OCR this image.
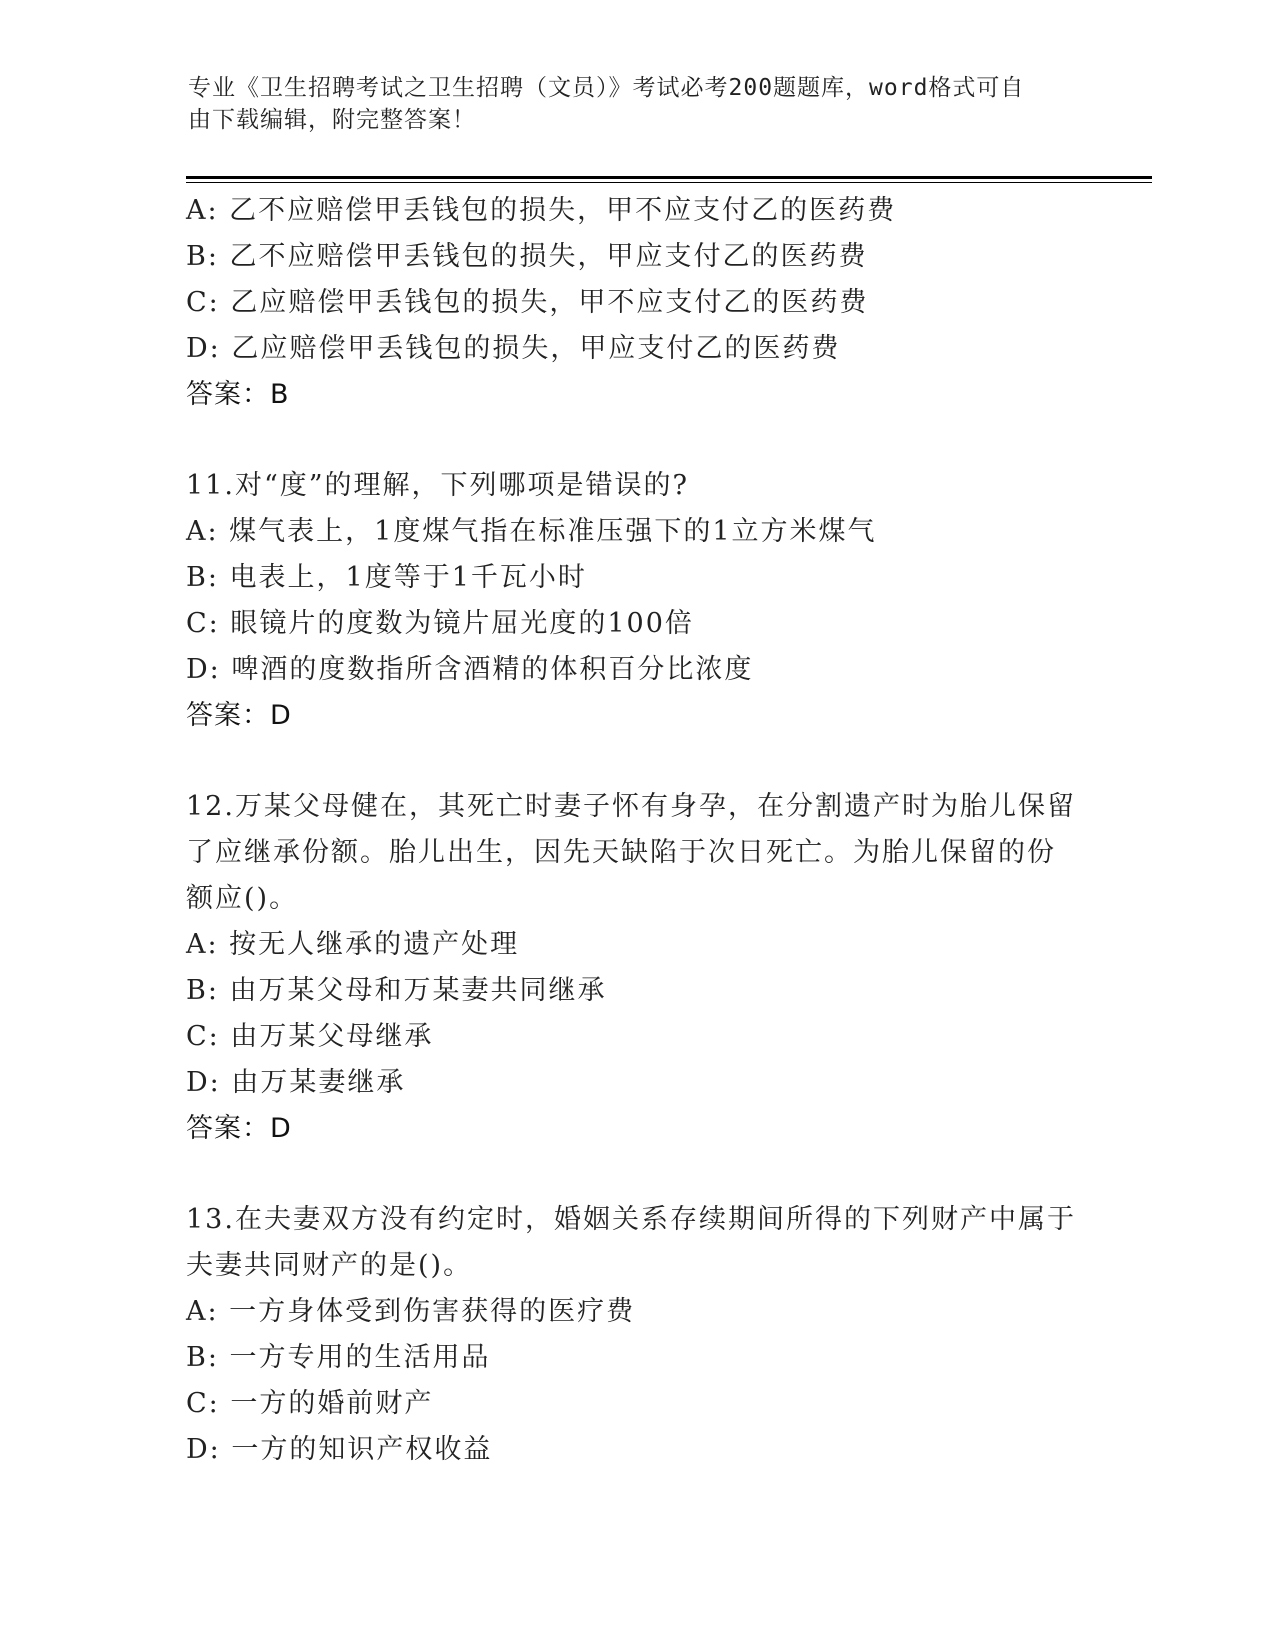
专业《卫生招聘考试之卫生招聘（文员）》考试必考200题题库，word格式可自
由下载编辑，附完整答案！
A: 乙不应赔偿甲丢钱包的损失，甲不应支付乙的医药费
B: 乙不应赔偿甲丢钱包的损失，甲应支付乙的医药费
C: 乙应赔偿甲丢钱包的损失，甲不应支付乙的医药费
D: 乙应赔偿甲丢钱包的损失，甲应支付乙的医药费
答案：B
11.对“度”的理解，下列哪项是错误的?
A: 煤气表上，1度煤气指在标准压强下的1立方米煤气
B: 电表上，1度等于1千瓦小时
C: 眼镜片的度数为镜片屈光度的100倍
D: 啤酒的度数指所含酒精的体积百分比浓度
答案：D
12.万某父母健在，其死亡时妻子怀有身孕，在分割遗产时为胎儿保留
了应继承份额。胎儿出生，因先天缺陷于次日死亡。为胎儿保留的份
额应()。
A: 按无人继承的遗产处理
B: 由万某父母和万某妻共同继承
C: 由万某父母继承
D: 由万某妻继承
答案：D
13.在夫妻双方没有约定时，婚姻关系存续期间所得的下列财产中属于
夫妻共同财产的是()。
A: 一方身体受到伤害获得的医疗费
B: 一方专用的生活用品
C: 一方的婚前财产
D: 一方的知识产权收益
